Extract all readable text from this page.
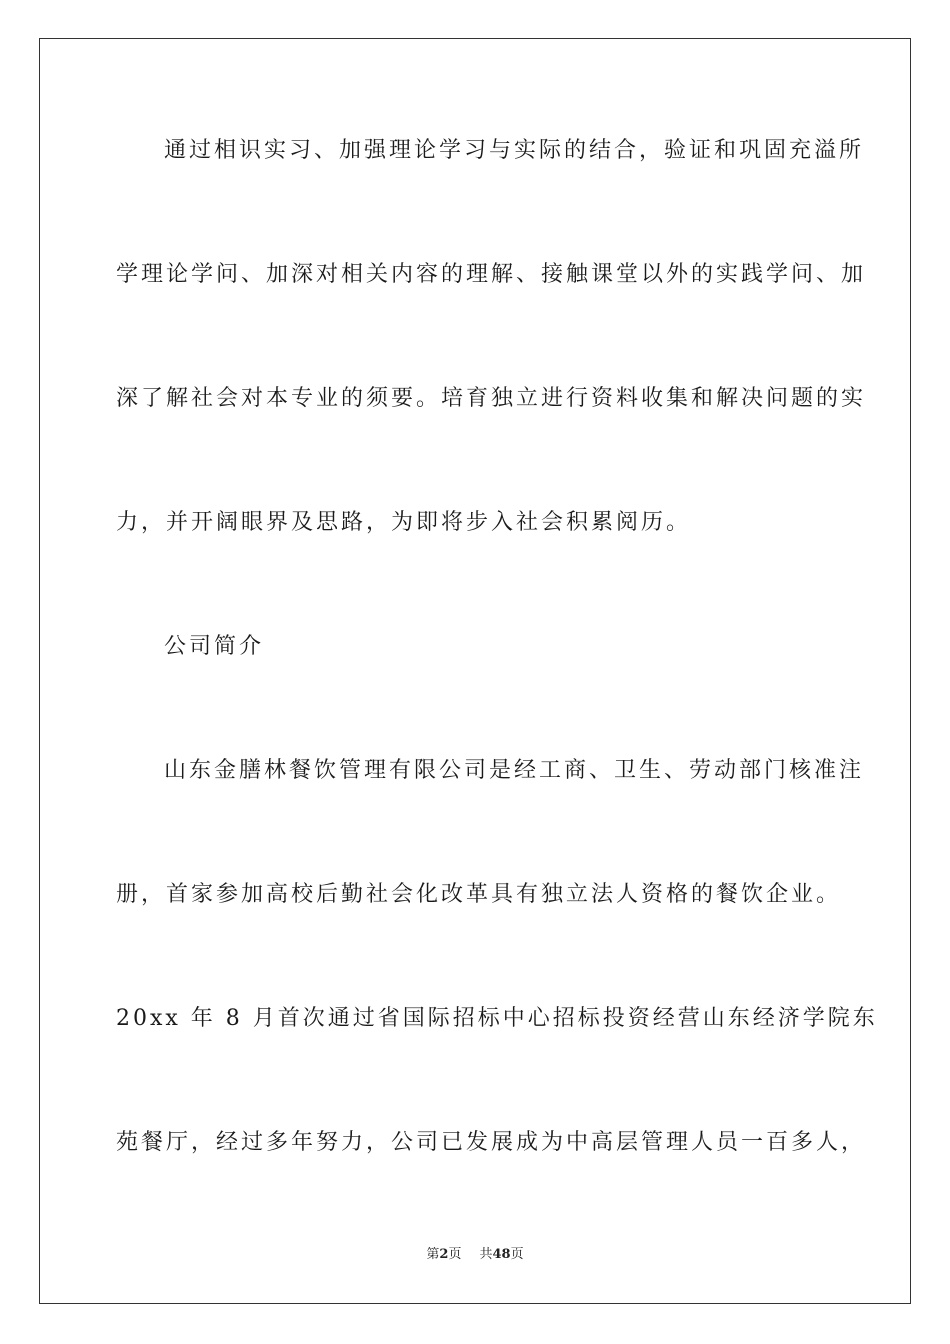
通过相识实习、加强理论学习与实际的结合，验证和巩固充溢所
学理论学问、加深对相关内容的理解、接触课堂以外的实践学问、加
深了解社会对本专业的须要。培育独立进行资料收集和解决问题的实
力，并开阔眼界及思路，为即将步入社会积累阅历。
公司简介
山东金膳林餐饮管理有限公司是经工商、卫生、劳动部门核准注
册，首家参加高校后勤社会化改革具有独立法人资格的餐饮企业。
20xx 年 8 月首次通过省国际招标中心招标投资经营山东经济学院东
苑餐厅，经过多年努力，公司已发展成为中高层管理人员一百多人，
第2页 共48页
